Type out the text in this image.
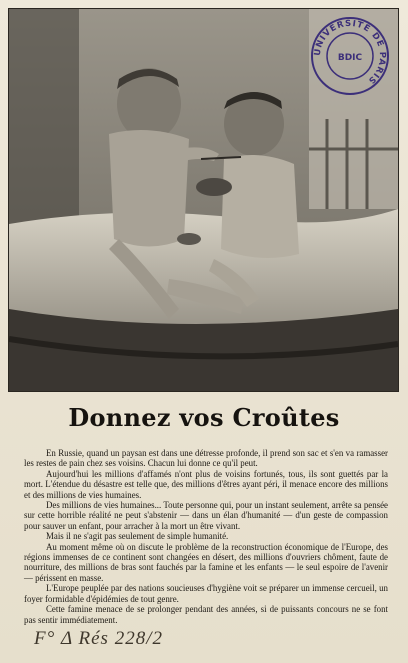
UNIVERSITÉ DE PARIS
BDIC
Donnez vos Croûtes

En Russie, quand un paysan est dans une détresse profonde, il prend son sac et s'en va ramasser les restes de pain chez ses voisins. Chacun lui donne ce qu'il peut.

Aujourd'hui les millions d'affamés n'ont plus de voisins fortunés, tous, ils sont guettés par la mort. L'étendue du désastre est telle que, des millions d'êtres ayant péri, il menace encore des millions et des millions de vies humaines.

Des millions de vies humaines... Toute personne qui, pour un instant seulement, arrête sa pensée sur cette horrible réalité ne peut s'abstenir — dans un élan d'humanité — d'un geste de compassion pour sauver un enfant, pour arracher à la mort un être vivant.

Mais il ne s'agit pas seulement de simple humanité.

Au moment même où on discute le problème de la reconstruction économique de l'Europe, des régions immenses de ce continent sont changées en désert, des millions d'ouvriers chôment, faute de nourriture, des millions de bras sont fauchés par la famine et les enfants — le seul espoire de l'avenir — périssent en masse.

L'Europe peuplée par des nations soucieuses d'hygiène voit se préparer un immense cercueil, un foyer formidable d'épidémies de tout genre.

Cette famine menace de se prolonger pendant des années, si de puissants concours ne se font pas sentir immédiatement.

F° Δ Rés 228/2
